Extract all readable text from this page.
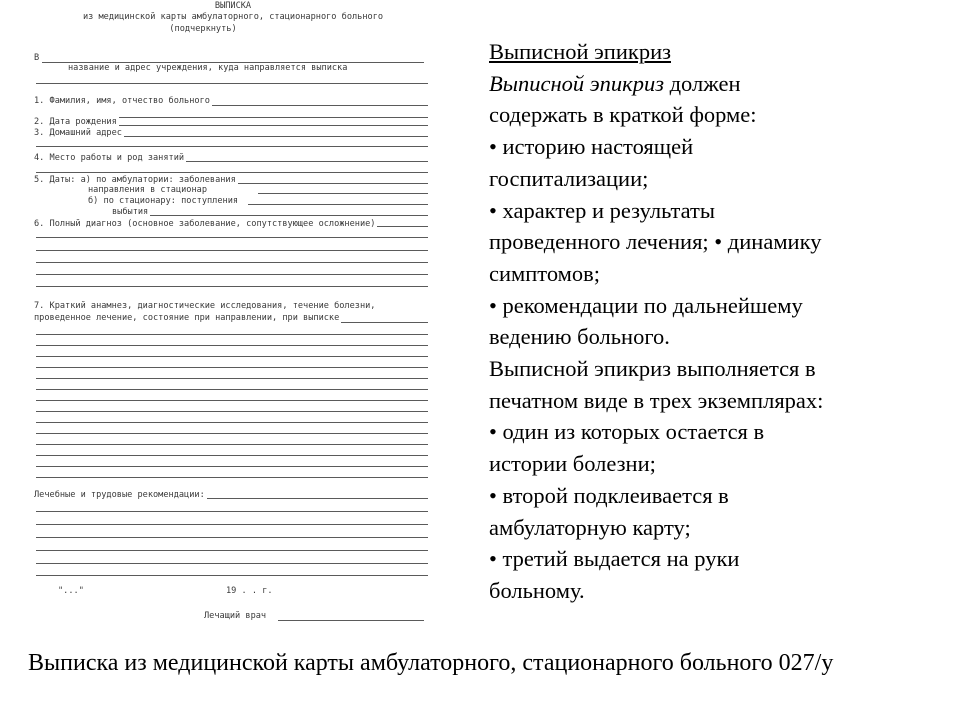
ВЫПИСКА
из медицинской карты амбулаторного, стационарного больного
(подчеркнуть)
В
название и адрес учреждения, куда направляется выписка
1. Фамилия, имя, отчество больного
2. Дата рождения
3. Домашний адрес
4. Место работы и род занятий
5. Даты: а) по амбулатории: заболевания
направления в стационар
б) по стационару: поступления
выбытия
6. Полный диагноз (основное заболевание, сопутствующее осложнение)
7. Краткий анамнез, диагностические исследования, течение болезни,
проведенное лечение, состояние при направлении, при выписке
Лечебные и трудовые рекомендации:
"..."	19 . . г.
Лечащий врач
Выписной эпикриз
Выписной эпикриз должен
содержать в краткой форме:
• историю настоящей
госпитализации;
• характер и результаты
проведенного лечения; • динамику
симптомов;
• рекомендации по дальнейшему
ведению больного.
Выписной эпикриз выполняется в
печатном виде в трех экземплярах:
• один из которых остается в
истории болезни;
• второй подклеивается в
амбулаторную карту;
• третий выдается на руки
больному.
Выписка из медицинской карты амбулаторного, стационарного больного 027/у
